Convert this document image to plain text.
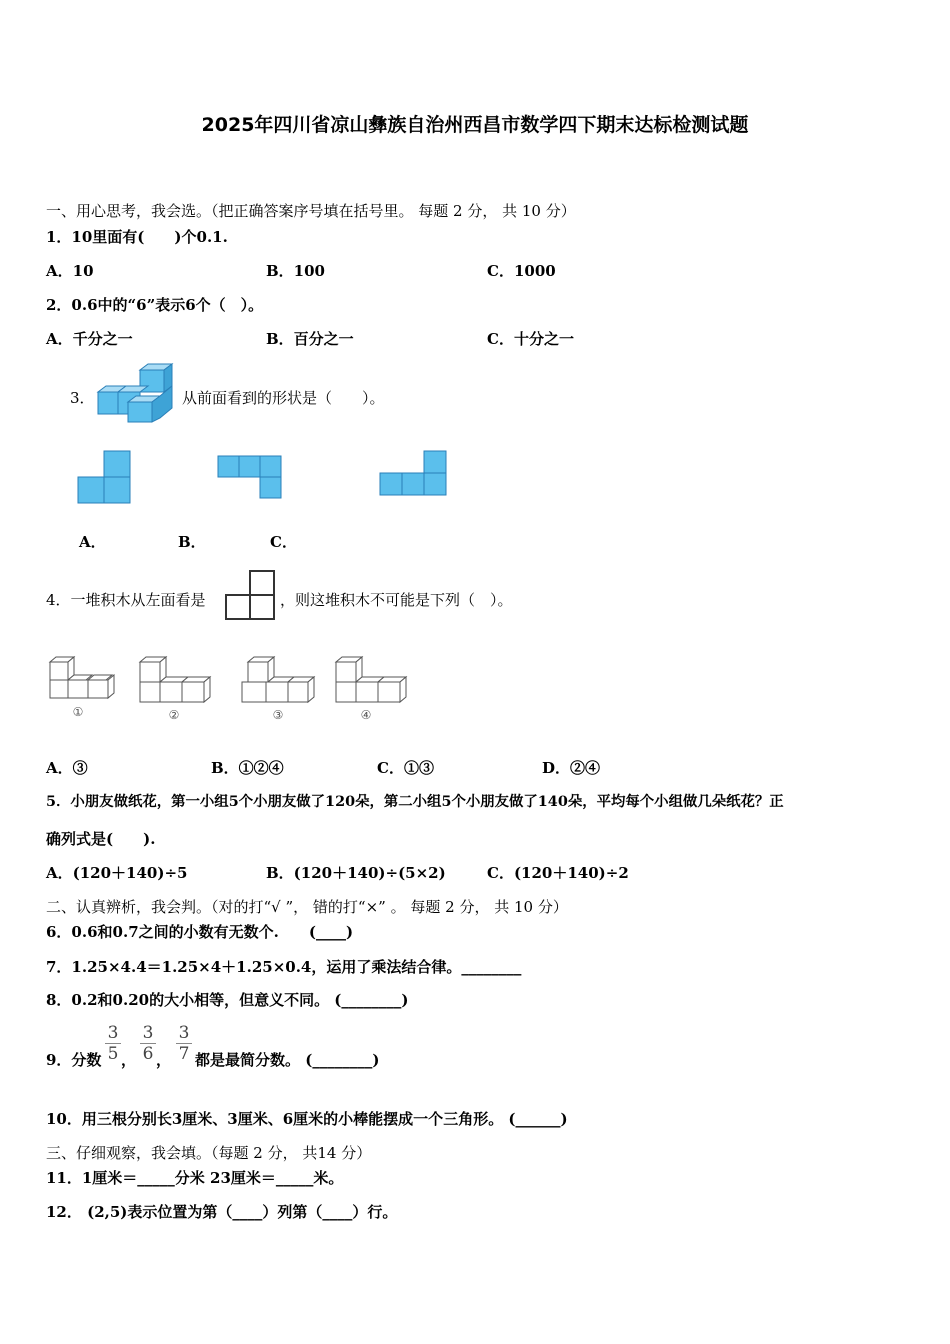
2025年四川省凉山彝族自治州西昌市数学四下期末达标检测试题
一、用心思考，我会选。（把正确答案序号填在括号里。 每题 2 分， 共 10 分）
1．10里面有(　　)个0.1.
A．10	B．100	C．1000
2．0.6中的“6”表示6个（　）。
A．千分之一	B．百分之一	C．十分之一
3．	从前面看到的形状是（　　）。
A．	B．	C．
4．一堆积木从左面看是	，则这堆积木不可能是下列（　）。
①	②	③	④
A．③	B．①②④	C．①③	D．②④
5．小朋友做纸花，第一小组5个小朋友做了120朵，第二小组5个小朋友做了140朵，平均每个小组做几朵纸花？正
确列式是(　　).
A．(120＋140)÷5	B．(120＋140)÷(5×2)	C．(120＋140)÷2
二、认真辨析，我会判。（对的打“√ ”， 错的打“×” 。 每题 2 分， 共 10 分）
6．0.6和0.7之间的小数有无数个.　　(____)
7．1.25×4.4＝1.25×4＋1.25×0.4，运用了乘法结合律。________
8．0.2和0.20的大小相等，但意义不同。 (________)
9．分数
3
5 ，
3
6 ，
3
7 都是最简分数。 (________)
10．用三根分别长3厘米、3厘米、6厘米的小棒能摆成一个三角形。 (______)
三、仔细观察，我会填。（每题 2 分， 共14 分）
11．1厘米＝_____分米 23厘米＝_____米。
12． (2,5)表示位置为第（____）列第（____）行。
